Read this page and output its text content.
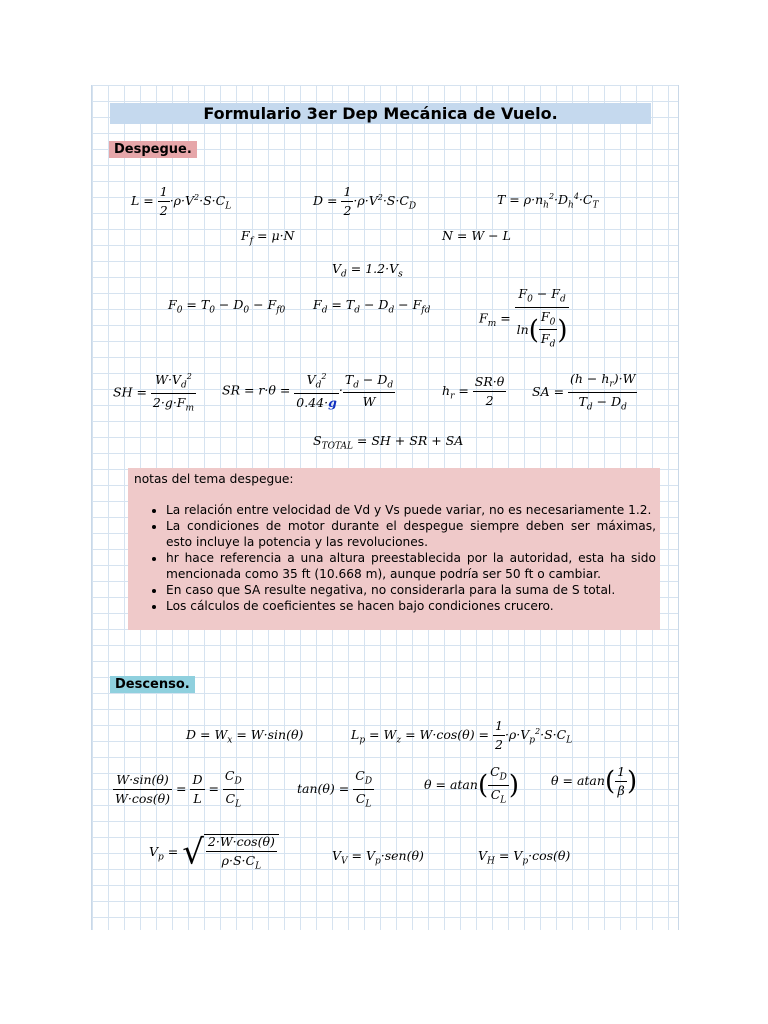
Formulario 3er Dep Mecánica de Vuelo.
Despegue.
$L = \frac{1}{2} \cdot\rho\cdot V^2\cdot S\cdot C_L$	$D = \frac{1}{2} \cdot\rho\cdot V^2\cdot S\cdot C_D$	$T = \rho\cdot n_h^2\cdot D_h^4\cdot C_T$
$F_f = \mu\cdot N$	N = W − L
$V_d = 1.2\cdot V_s$
$F_0 = T_0 - D_0 - F_{f0}$ $F_d = T_d - D_d - F_{fd}$	$F_m = \frac{F_0 - F_d}{\ln( \frac{F_0}{F_d} )}$
SH = $\frac{W\cdot V_d^2}{2\cdot g\cdot F_m}$ SR = $r\cdot\theta = \frac{V_d^2}{0.44\cdot g} \cdot \frac{T_d - D_d}{W}$	$h_r = \frac{SR\cdot\theta}{2}$ SA = $\frac{(h - h_r)\cdot W}{T_d - D_d}$
$S_{TOTAL}$ = SH + SR + SA
notas del tema despegue:
• La relación entre velocidad de Vd y Vs puede variar, no es necesariamente 1.2.
• La condiciones de motor durante el despegue siempre deben ser máximas, esto incluye la potencia y las revoluciones.
• hr hace referencia a una altura preestablecida por la autoridad, esta ha sido mencionada como 35 ft (10.668 m), aunque podría ser 50 ft o cambiar.
• En caso que SA resulte negativa, no considerarla para la suma de S total.
• Los cálculos de coeficientes se hacen bajo condiciones crucero.
Descenso.
$D = W_x = W\cdot\sin(\theta)$	$L_p = W_z = W\cdot\cos(\theta) = \frac{1}{2} \cdot\rho\cdot V_p^2\cdot S\cdot C_L$
$\frac{W\cdot\sin(\theta)}{W\cdot\cos(\theta)} = \frac{D}{L} = \frac{C_D}{C_L}$	$\tan(\theta) = \frac{C_D}{C_L}$	$\theta = atan( \frac{C_D}{C_L}$ )	$\theta = atan( \frac{1}{\beta}$ )
$V_p$ = √ $\frac{2\cdot W\cdot\cos(\theta)}{\rho\cdot S\cdot C_L}$	$V_V = V_p\cdot sen(\theta)$	$V_H = V_p\cdot\cos(\theta)$
